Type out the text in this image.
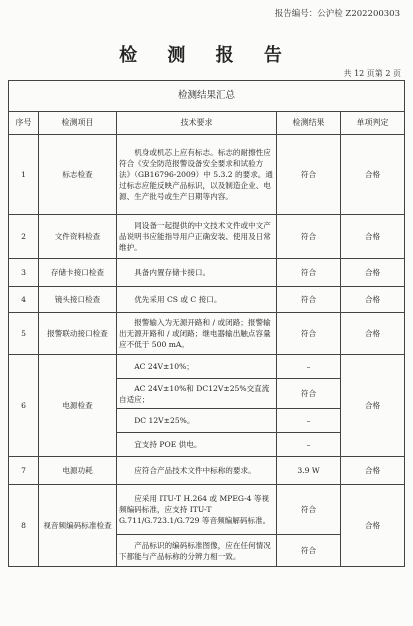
报告编号：公沪检 Z202200303
检 测 报 告
共 12 页第 2 页
检测结果汇总				
序号	检测项目	技术要求	检测结果	单项判定
1	标志检查	机身或机芯上应有标志。标志的耐擦性应符合《安全防范报警设备安全要求和试验方法》（GB16796-2009）中 5.3.2 的要求。通过标志应能反映产品标识，以及制造企业、电源、生产批号或生产日期等内容。	符合	合格
2	文件资料检查	同设备一起提供的中文技术文件或中文产品说明书应能指导用户正确安装、使用及日常维护。	符合	合格
3	存储卡接口检查	具备内置存储卡接口。	符合	合格
4	镜头接口检查	优先采用 CS 或 C 接口。	符合	合格
5	报警联动接口检查	报警输入为无源开路和 / 或闭路；报警输出无源开路和 / 或闭路；继电器输出触点容量应不低于 500 mA。	符合	合格
6	电源检查	AC 24V±10%；	–	合格
		AC 24V±10%和 DC12V±25%交直流自适应；	符合	
		DC 12V±25%。	–	
		宜支持 POE 供电。	–	
7	电源功耗	应符合产品技术文件中标称的要求。	3.9 W	合格
8	视音频编码标准检查	应采用 ITU-T H.264 或 MPEG-4 等视频编码标准，应支持 ITU-T G.711/G.723.1/G.729 等音频编解码标准。	符合	合格
		产品标识的编码标准图像，应在任何情况下都能与产品标称的分辨力相一致。	符合	
